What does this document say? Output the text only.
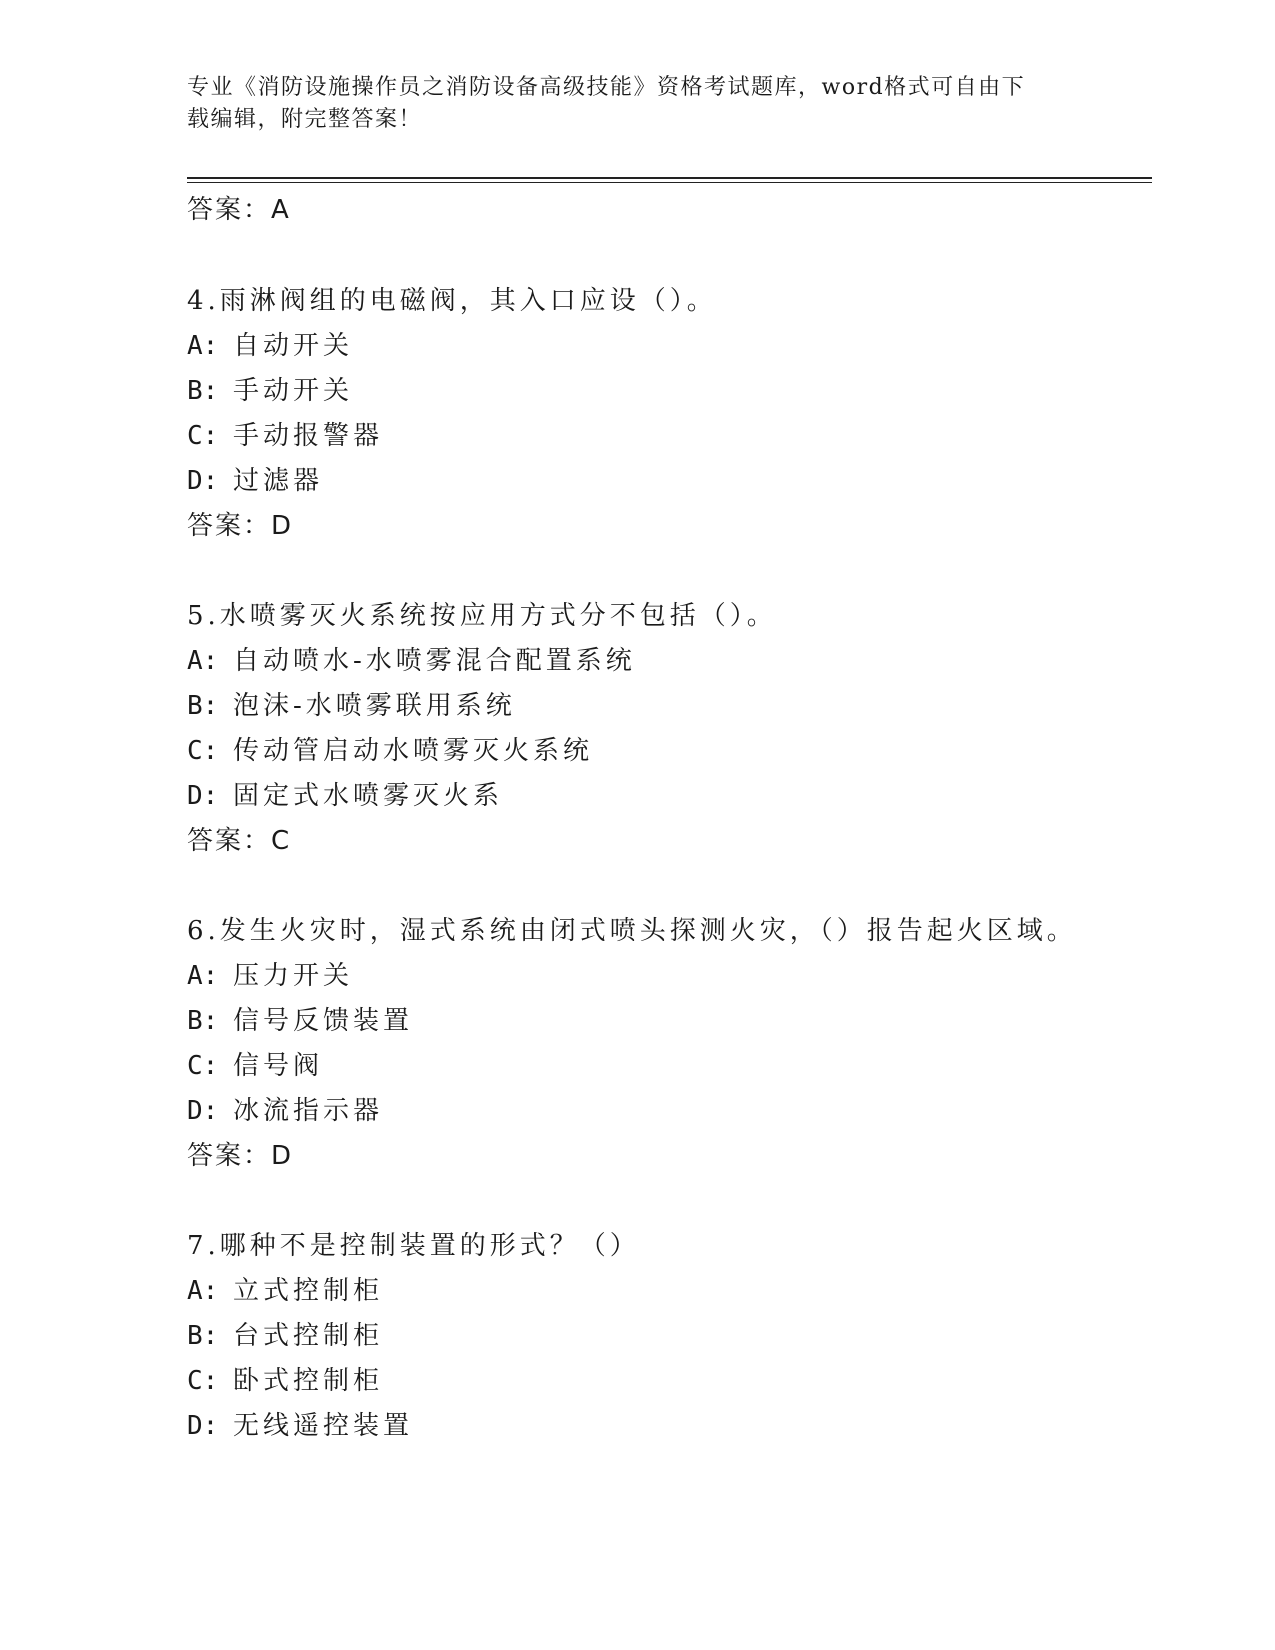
专业《消防设施操作员之消防设备高级技能》资格考试题库，word格式可自由下
载编辑，附完整答案！
答案：A
4.雨淋阀组的电磁阀，其入口应设（）。
A: 自动开关
B: 手动开关
C: 手动报警器
D: 过滤器
答案：D
5.水喷雾灭火系统按应用方式分不包括（）。
A: 自动喷水-水喷雾混合配置系统
B: 泡沫-水喷雾联用系统
C: 传动管启动水喷雾灭火系统
D: 固定式水喷雾灭火系
答案：C
6.发生火灾时，湿式系统由闭式喷头探测火灾，（）报告起火区域。
A: 压力开关
B: 信号反馈装置
C: 信号阀
D: 冰流指示器
答案：D
7.哪种不是控制装置的形式？（）
A: 立式控制柜
B: 台式控制柜
C: 卧式控制柜
D: 无线遥控装置
